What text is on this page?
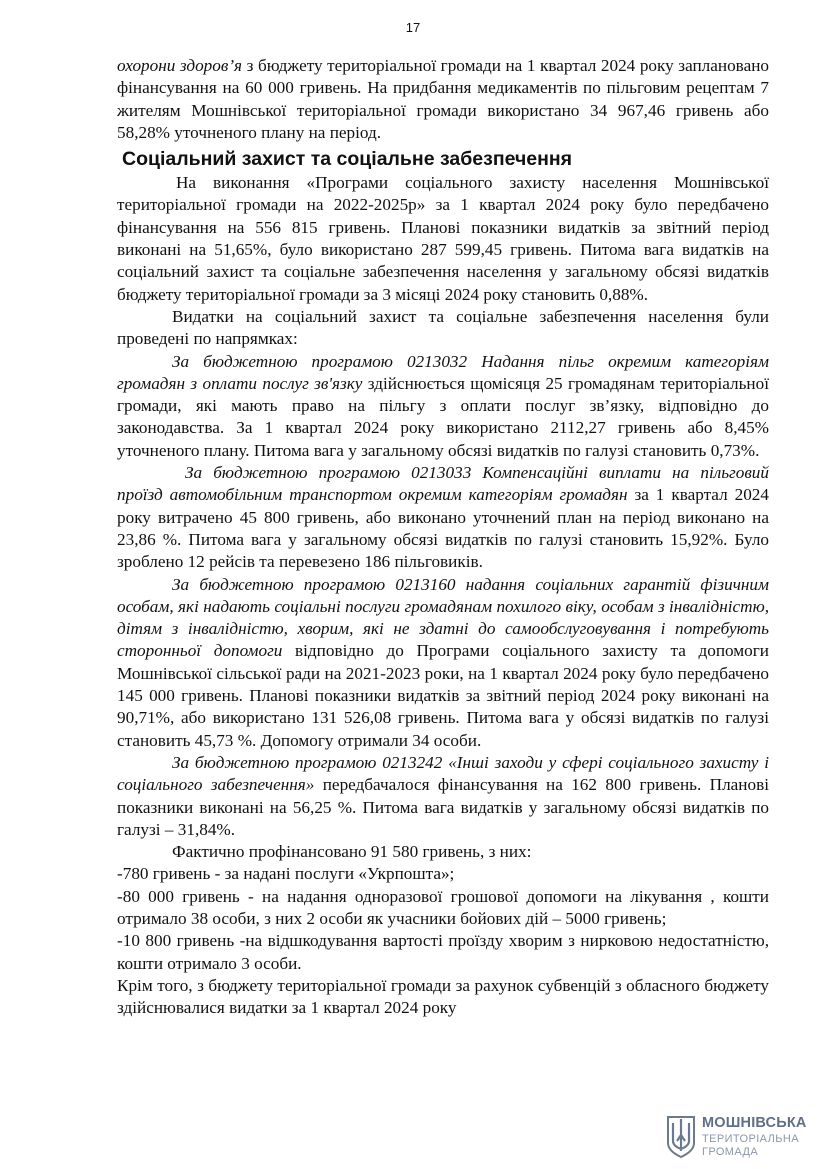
17

охорони здоров’я з бюджету територіальної громади на 1 квартал 2024 року заплановано фінансування на 60 000 гривень. На придбання медикаментів по пільговим рецептам 7 жителям Мошнівської територіальної громади використано 34 967,46 гривень або 58,28% уточненого плану на період.

Соціальний захист та соціальне забезпечення

На виконання «Програми соціального захисту населення Мошнівської територіальної громади на 2022-2025р» за 1 квартал 2024 року було передбачено фінансування на 556 815 гривень. Планові показники видатків за звітний період виконані на 51,65%, було використано 287 599,45 гривень. Питома вага видатків на соціальний захист та соціальне забезпечення населення у загальному обсязі видатків бюджету територіальної громади за 3 місяці 2024 року становить 0,88%.

Видатки на соціальний захист та соціальне забезпечення населення були проведені по напрямках:

За бюджетною програмою 0213032 Надання пільг окремим категоріям громадян з оплати послуг зв'язку здійснюється щомісяця 25 громадянам територіальної громади, які мають право на пільгу з оплати послуг зв’язку, відповідно до законодавства. За 1 квартал 2024 року використано 2112,27 гривень або 8,45% уточненого плану. Питома вага у загальному обсязі видатків по галузі становить 0,73%.

За бюджетною програмою 0213033 Компенсаційні виплати на пільговий проїзд автомобільним транспортом окремим категоріям громадян за 1 квартал 2024 року витрачено 45 800 гривень, або виконано уточнений план на період виконано на 23,86 %. Питома вага у загальному обсязі видатків по галузі становить 15,92%. Було зроблено 12 рейсів та перевезено 186 пільговиків.

За бюджетною програмою 0213160 надання соціальних гарантій фізичним особам, які надають соціальні послуги громадянам похилого віку, особам з інвалідністю, дітям з інвалідністю, хворим, які не здатні до самообслуговування і потребують сторонньої допомоги відповідно до Програми соціального захисту та допомоги Мошнівської сільської ради на 2021-2023 роки, на 1 квартал 2024 року було передбачено 145 000 гривень. Планові показники видатків за звітний період 2024 року виконані на 90,71%, або використано 131 526,08 гривень. Питома вага у обсязі видатків по галузі становить 45,73 %. Допомогу отримали 34 особи.

За бюджетною програмою 0213242 «Інші заходи у сфері соціального захисту і соціального забезпечення» передбачалося фінансування на 162 800 гривень. Планові показники виконані на 56,25 %. Питома вага видатків у загальному обсязі видатків по галузі – 31,84%.

Фактично профінансовано 91 580 гривень, з них:

-780 гривень - за надані послуги «Укрпошта»;

-80 000 гривень - на надання одноразової грошової допомоги на лікування , кошти отримало 38 особи, з них 2 особи як учасники бойових дій – 5000 гривень;

-10 800 гривень -на відшкодування вартості проїзду хворим з нирковою недостатністю, кошти отримало 3 особи.

Крім того, з бюджету територіальної громади за рахунок субвенцій з обласного бюджету здійснювалися видатки за 1 квартал 2024 року

МОШНІВСЬКА
ТЕРИТОРІАЛЬНА
ГРОМАДА
